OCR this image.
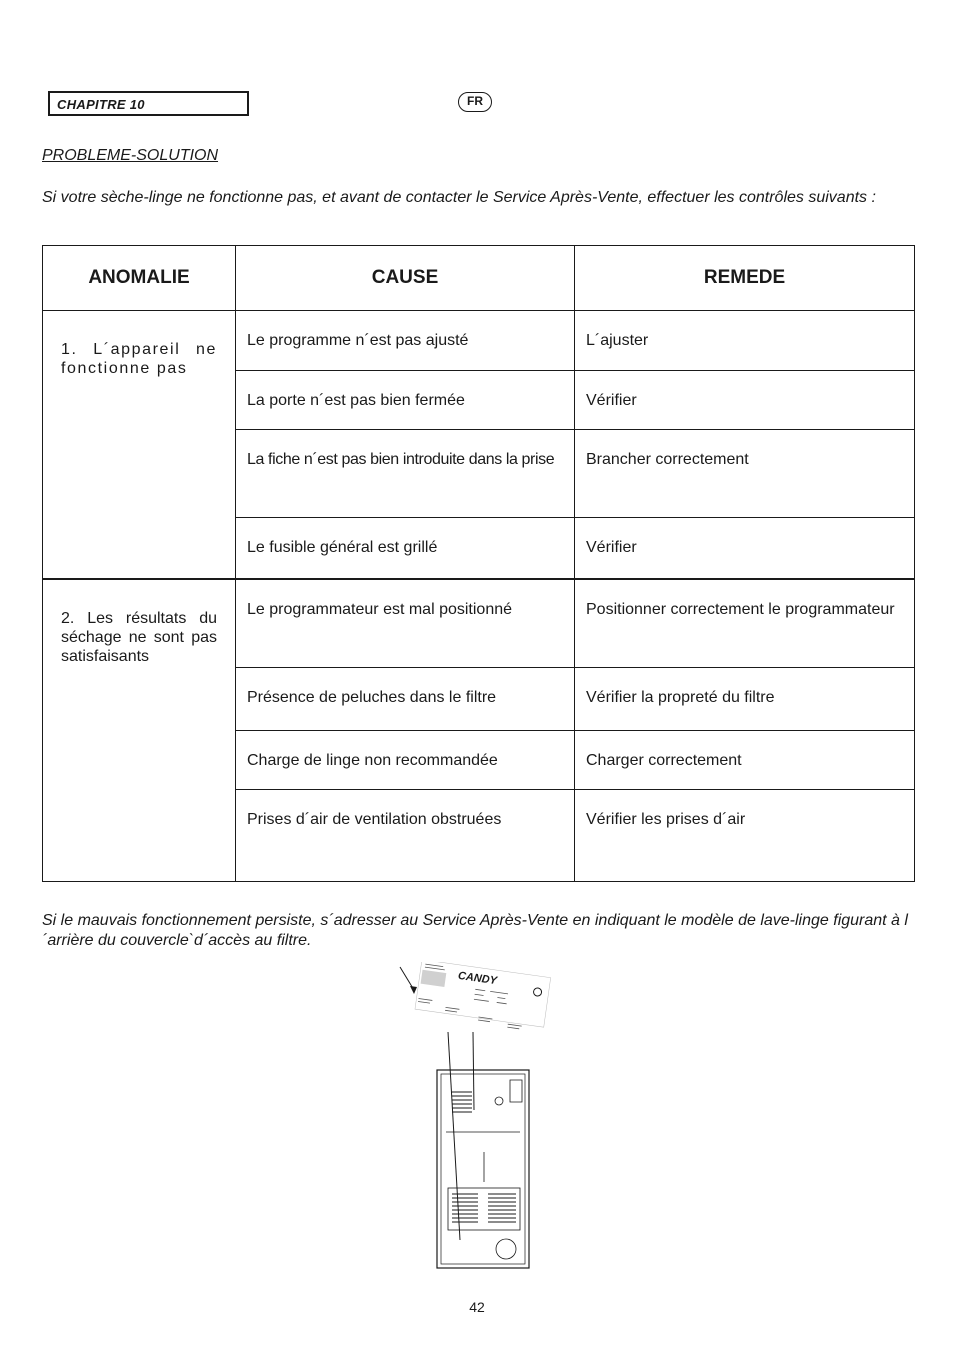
CHAPITRE 10	FR
PROBLEME-SOLUTION
Si votre sèche-linge ne fonctionne pas, et avant de contacter le Service Après-Vente, effectuer les contrôles suivants :
ANOMALIE	CAUSE	REMEDE
1. L´appareil ne fonctionne pas	Le programme n´est pas ajusté	L´ajuster
	La porte n´est pas bien fermée	Vérifier
	La fiche n´est pas bien introduite dans la prise	Brancher correctement
	Le fusible général est grillé	Vérifier
2. Les résultats du séchage ne sont pas satisfaisants	Le programmateur est mal positionné	Positionner correctement le programmateur
	Présence de peluches dans le filtre	Vérifier la propreté du filtre
	Charge de linge non recommandée	Charger correctement
	Prises d´air de ventilation obstruées	Vérifier les prises d´air
Si le mauvais fonctionnement persiste, s´adresser au Service Après-Vente en indiquant le modèle de lave-linge figurant à l´arrière du couvercle`d´accès au filtre.
CANDY
42
